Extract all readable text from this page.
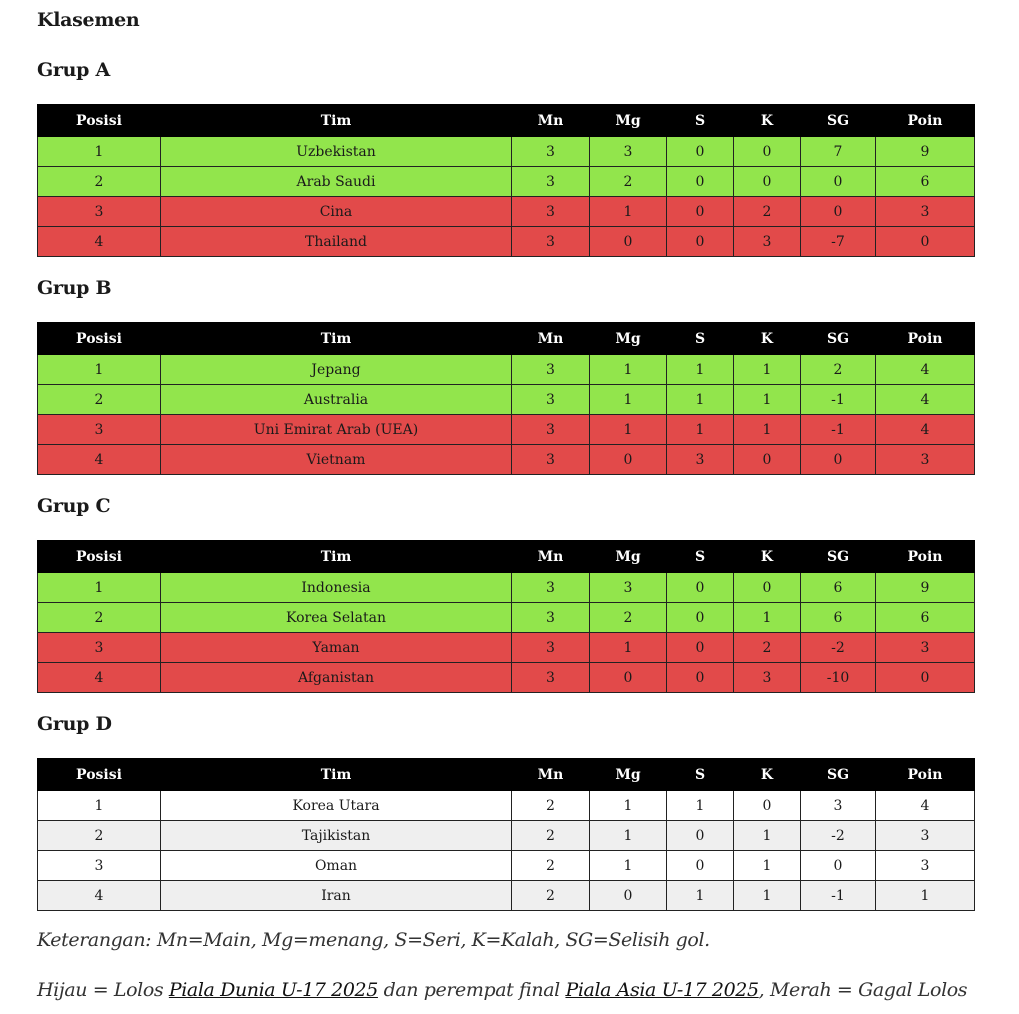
Klasemen
Grup A
Posisi	Tim	Mn	Mg	S	K	SG	Poin
1	Uzbekistan	3	3	0	0	7	9
2	Arab Saudi	3	2	0	0	0	6
3	Cina	3	1	0	2	0	3
4	Thailand	3	0	0	3	-7	0
Grup B
Posisi	Tim	Mn	Mg	S	K	SG	Poin
1	Jepang	3	1	1	1	2	4
2	Australia	3	1	1	1	-1	4
3	Uni Emirat Arab (UEA)	3	1	1	1	-1	4
4	Vietnam	3	0	3	0	0	3
Grup C
Posisi	Tim	Mn	Mg	S	K	SG	Poin
1	Indonesia	3	3	0	0	6	9
2	Korea Selatan	3	2	0	1	6	6
3	Yaman	3	1	0	2	-2	3
4	Afganistan	3	0	0	3	-10	0
Grup D
Posisi	Tim	Mn	Mg	S	K	SG	Poin
1	Korea Utara	2	1	1	0	3	4
2	Tajikistan	2	1	0	1	-2	3
3	Oman	2	1	0	1	0	3
4	Iran	2	0	1	1	-1	1

Keterangan: Mn=Main, Mg=menang, S=Seri, K=Kalah, SG=Selisih gol.

Hijau = Lolos Piala Dunia U-17 2025 dan perempat final Piala Asia U-17 2025, Merah = Gagal Lolos
